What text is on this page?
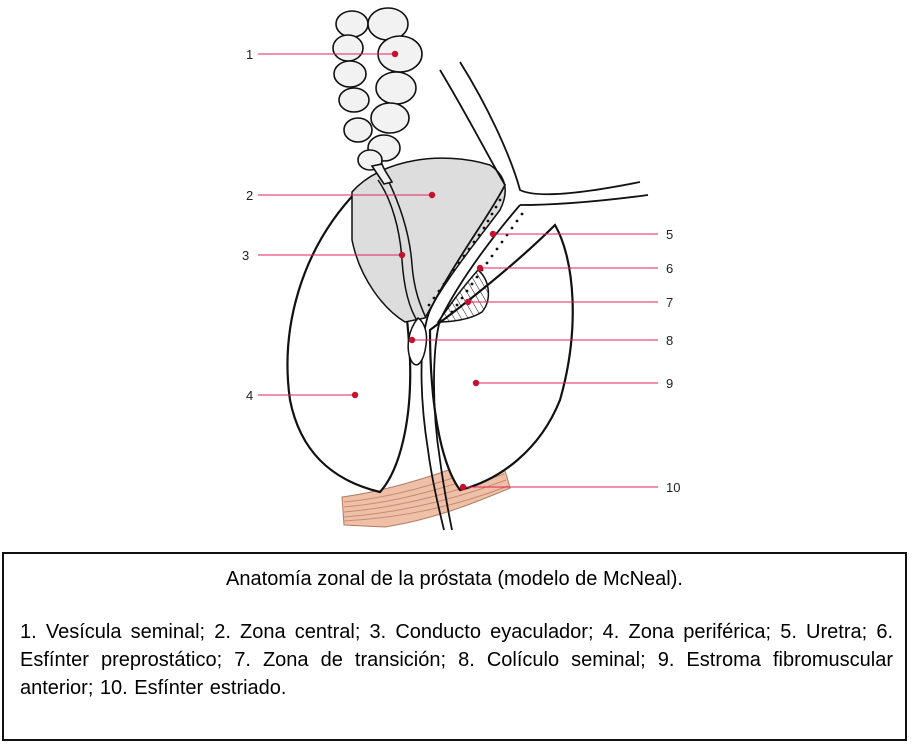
1
2
3
4
5
6
7
8
9
10
Anatomía zonal de la próstata (modelo de McNeal).
1. Vesícula seminal; 2. Zona central; 3. Conducto eyaculador; 4. Zona periférica; 5. Uretra; 6. Esfínter preprostático; 7. Zona de transición; 8. Colículo seminal; 9. Estroma fibromuscular anterior; 10. Esfínter estriado.
